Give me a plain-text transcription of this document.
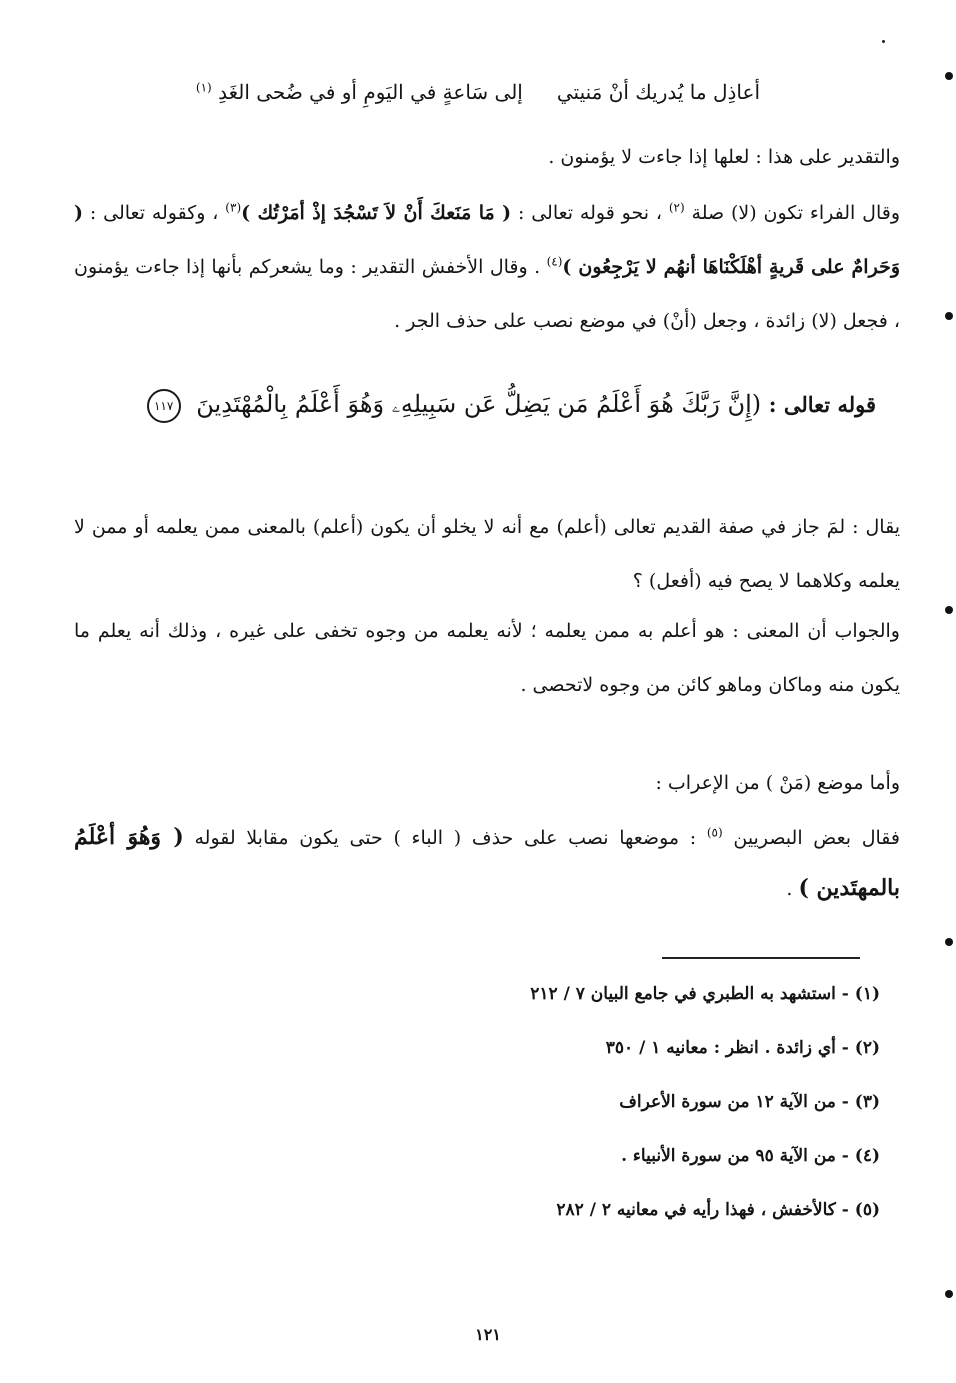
أعاذِل ما يُدريك أنْ مَنيتيإلى سَاعةٍ في اليَومِ أو في ضُحى الغَدِ $^{(١)}$
والتقدير على هذا : لعلها إذا جاءت لا يؤمنون .
وقال الفراء تكون (لا) صلة $^{(٢)}$ ، نحو قوله تعالى : ( مَا مَنَعكَ أَنْ لاَ تَسْجُدَ إذْ أمَرْتُك )$^{(٣)}$ ، وكقوله تعالى : ( وَحَرامٌ على قَريةٍ أهْلَكْنَاهَا أنهُم لا يَرْجِعُون )$^{(٤)}$ . وقال الأخفش التقدير : وما يشعركم بأنها إذا جاءت يؤمنون ، فجعل (لا) زائدة ، وجعل (أنْ) في موضع نصب على حذف الجر .
قوله تعالى : (إِنَّ رَبَّكَ هُوَ أَعْلَمُ مَن يَضِلُّ عَن سَبِيلِهِۦ وَهُوَ أَعْلَمُ بِالْمُهْتَدِينَ ١١٧
يقال : لمَ جاز في صفة القديم تعالى (أعلم) مع أنه لا يخلو أن يكون (أعلم) بالمعنى ممن يعلمه أو ممن لا يعلمه وكلاهما لا يصح فيه (أفعل) ؟
والجواب أن المعنى : هو أعلم به ممن يعلمه ؛ لأنه يعلمه من وجوه تخفى على غيره ، وذلك أنه يعلم ما يكون منه وماكان وماهو كائن من وجوه لاتحصى .
وأما موضع (مَنْ ) من الإعراب :
فقال بعض البصريين $^{(٥)}$ : موضعها نصب على حذف ( الباء ) حتى يكون مقابلا لقوله ( وَهُوَ أعْلَمُ بالمهتَدين ) .
(١) - استشهد به الطبري في جامع البيان ٧ / ٢١٢
(٢) - أي زائدة . انظر : معانيه ١ / ٣٥٠
(٣) - من الآية ١٢ من سورة الأعراف
(٤) - من الآية ٩٥ من سورة الأنبياء .
(٥) - كالأخفش ، فهذا رأيه في معانيه ٢ / ٢٨٢
١٢١
